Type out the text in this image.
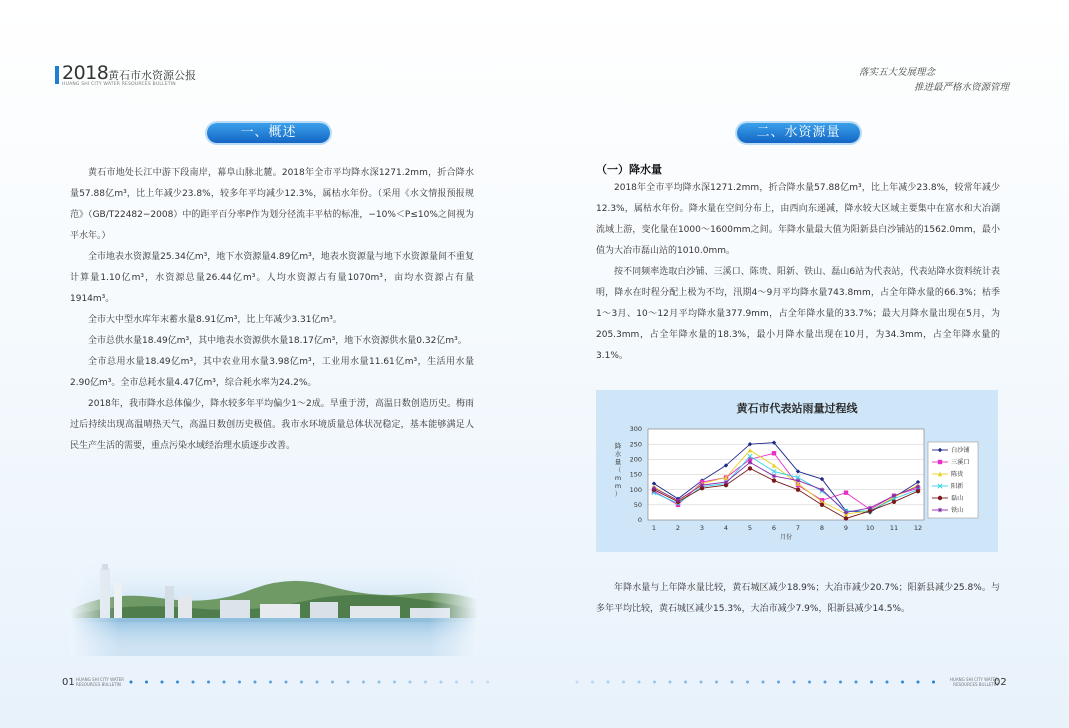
2018 黄石市水资源公报
HUANG SHI CITY WATER RESOURCES BULLETIN
落实五大发展理念
推进最严格水资源管理
一、概述

黄石市地处长江中游下段南岸，幕阜山脉北麓。2018年全市平均降水深1271.2mm，折合降水量57.88亿m³，比上年减少23.8%，较多年平均减少12.3%，属枯水年份。（采用《水文情报预报规范》（GB/T22482−2008）中的距平百分率P作为划分径流丰平枯的标准，−10%＜P≤10%之间视为平水年。）

全市地表水资源量25.34亿m³，地下水资源量4.89亿m³，地表水资源量与地下水资源量间不重复计算量1.10亿m³，水资源总量26.44亿m³。人均水资源占有量1070m³，亩均水资源占有量1914m³。

全市大中型水库年末蓄水量8.91亿m³，比上年减少3.31亿m³。

全市总供水量18.49亿m³，其中地表水资源供水量18.17亿m³，地下水资源供水量0.32亿m³。

全市总用水量18.49亿m³，其中农业用水量3.98亿m³，工业用水量11.61亿m³，生活用水量2.90亿m³。全市总耗水量4.47亿m³，综合耗水率为24.2%。

2018年，我市降水总体偏少，降水较多年平均偏少1～2成。旱重于涝，高温日数创造历史。梅雨过后持续出现高温晴热天气，高温日数创历史极值。我市水环境质量总体状况稳定，基本能够满足人民生产生活的需要，重点污染水域经治理水质逐步改善。

二、水资源量
（一）降水量

2018年全市平均降水深1271.2mm，折合降水量57.88亿m³，比上年减少23.8%，较常年减少12.3%，属枯水年份。降水量在空间分布上，由西向东递减，降水较大区域主要集中在富水和大冶湖流域上游，变化量在1000～1600mm之间。年降水量最大值为阳新县白沙铺站的1562.0mm，最小值为大冶市磊山站的1010.0mm。

按不同频率选取白沙铺、三溪口、陈贵、阳新、铁山、磊山6站为代表站，代表站降水资料统计表明，降水在时程分配上极为不均，汛期4～9月平均降水量743.8mm，占全年降水量的66.3%；枯季1～3月、10～12月平均降水量377.9mm，占全年降水量的33.7%；最大月降水量出现在5月，为205.3mm，占全年降水量的18.3%，最小月降水量出现在10月，为34.3mm，占全年降水量的3.1%。

黄石市代表站雨量过程线
降
水
量
（
m
m
）
0
50
100
150
200
250
300
1	2	3	4	5	6	7	8	9	10 11 12
月份
白沙铺
三溪口
陈贵
阳新
磊山
铁山

年降水量与上年降水量比较，黄石城区减少18.9%；大冶市减少20.7%；阳新县减少25.8%。与多年平均比较，黄石城区减少15.3%，大冶市减少7.9%，阳新县减少14.5%。

01 HUANG SHI CITY WATER
RESOURCES BULLETIN
HUANG SHI CITY WATER
RESOURCES BULLETIN
02
